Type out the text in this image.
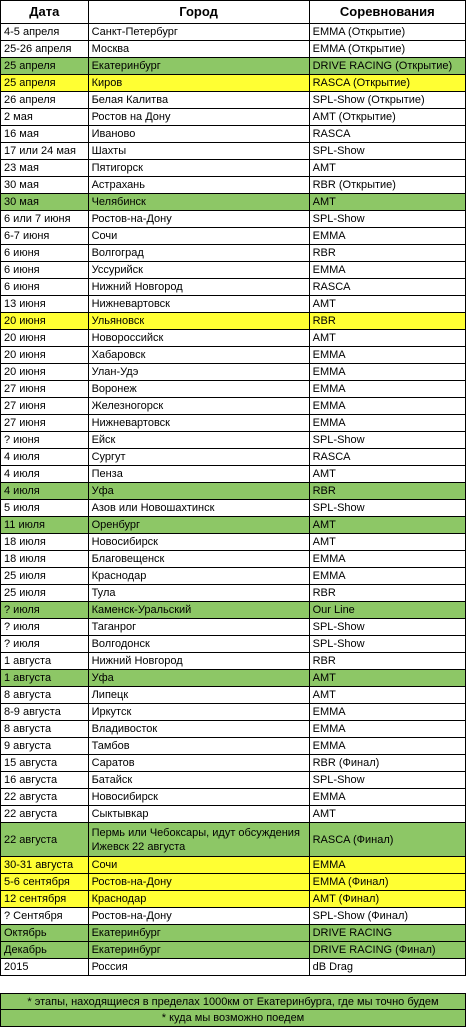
Дата	Город	Соревнования
4-5 апреля	Санкт-Петербург	EMMA (Открытие)
25-26 апреля	Москва	EMMA (Открытие)
25 апреля	Екатеринбург	DRIVE RACING (Открытие)
25 апреля	Киров	RASCA (Открытие)
26 апреля	Белая Калитва	SPL-Show (Открытие)
2 мая	Ростов на Дону	AMT (Открытие)
16 мая	Иваново	RASCA
17 или 24 мая	Шахты	SPL-Show
23 мая	Пятигорск	AMT
30 мая	Астрахань	RBR (Открытие)
30 мая	Челябинск	AMT
6 или 7 июня	Ростов-на-Дону	SPL-Show
6-7 июня	Сочи	EMMA
6 июня	Волгоград	RBR
6 июня	Уссурийск	EMMA
6 июня	Нижний Новгород	RASCA
13 июня	Нижневартовск	AMT
20 июня	Ульяновск	RBR
20 июня	Новороссийск	AMT
20 июня	Хабаровск	EMMA
20 июня	Улан-Удэ	EMMA
27 июня	Воронеж	EMMA
27 июня	Железногорск	EMMA
27 июня	Нижневартовск	EMMA
? июня	Ейск	SPL-Show
4 июля	Сургут	RASCA
4 июля	Пенза	AMT
4 июля	Уфа	RBR
5 июля	Азов или Новошахтинск	SPL-Show
11 июля	Оренбург	AMT
18 июля	Новосибирск	AMT
18 июля	Благовещенск	EMMA
25 июля	Краснодар	EMMA
25 июля	Тула	RBR
? июля	Каменск-Уральский	Our Line
? июля	Таганрог	SPL-Show
? июля	Волгодонск	SPL-Show
1 августа	Нижний Новгород	RBR
1 августа	Уфа	AMT
8 августа	Липецк	AMT
8-9 августа	Иркутск	EMMA
8 августа	Владивосток	EMMA
9 августа	Тамбов	EMMA
15 августа	Саратов	RBR (Финал)
16 августа	Батайск	SPL-Show
22 августа	Новосибирск	EMMA
22 августа	Сыктывкар	AMT
22 августа	Пермь или Чебоксары, идут обсуждения Ижевск 22 августа	RASCA (Финал)
30-31 августа	Сочи	EMMA
5-6 сентября	Ростов-на-Дону	EMMA (Финал)
12 сентября	Краснодар	AMT (Финал)
? Сентября	Ростов-на-Дону	SPL-Show (Финал)
Октябрь	Екатеринбург	DRIVE RACING
Декабрь	Екатеринбург	DRIVE RACING (Финал)
2015	Россия	dB Drag
* этапы, находящиеся в пределах 1000км от Екатеринбурга, где мы точно будем
* куда мы возможно поедем
